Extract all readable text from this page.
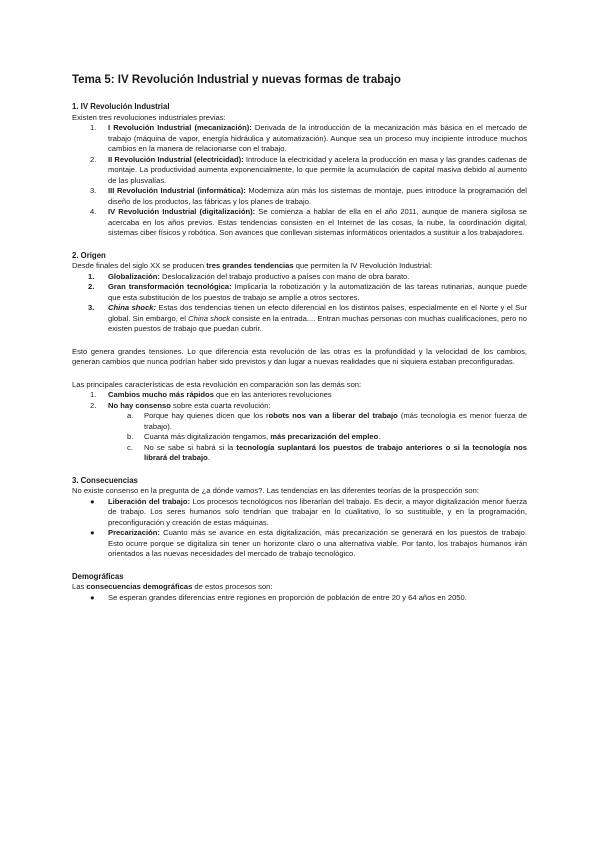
Tema 5: IV Revolución Industrial y nuevas formas de trabajo
1. IV Revolución Industrial
Existen tres revoluciones industriales previas:
1. I Revolución Industrial (mecanización): Derivada de la introducción de la mecanización más básica en el mercado de trabajo (máquina de vapor, energía hidráulica y automatización). Aunque sea un proceso muy incipiente introduce muchos cambios en la manera de relacionarse con el trabajo.
2. II Revolución Industrial (electricidad): Introduce la electricidad y acelera la producción en masa y las grandes cadenas de montaje. La productividad aumenta exponencialmente, lo que permite la acumulación de capital masiva debido al aumento de las plusvalías.
3. III Revolución Industrial (informática): Moderniza aún más los sistemas de montaje, pues introduce la programación del diseño de los productos, las fábricas y los planes de trabajo.
4. IV Revolución Industrial (digitalización): Se comienza a hablar de ella en el año 2011, aunque de manera sigilosa se acercaba en los años previos. Estas tendencias consisten en el Internet de las cosas, la nube, la coordinación digital, sistemas ciber físicos y robótica. Son avances que conllevan sistemas informáticos orientados a sustituir a los trabajadores.
2. Origen
Desde finales del siglo XX se producen tres grandes tendencias que permiten la IV Revolución Industrial:
1. Globalización: Deslocalización del trabajo productivo a países con mano de obra barato.
2. Gran transformación tecnológica: Implicaría la robotización y la automatización de las tareas rutinarias, aunque puede que esta substitución de los puestos de trabajo se amplíe a otros sectores.
3. China shock: Estas dos tendencias tienen un efecto diferencial en los distintos países, especialmente en el Norte y el Sur global. Sin embargo, el China shock consiste en la entrada.... Entran muchas personas con muchas cualificaciones, pero no existen puestos de trabajo que puedan cubrir.
Esto genera grandes tensiones. Lo que diferencia esta revolución de las otras es la profundidad y la velocidad de los cambios, generan cambios que nunca podrían haber sido previstos y dan lugar a nuevas realidades que ni siquiera estaban preconfiguradas.
Las principales características de esta revolución en comparación son las demás son:
1. Cambios mucho más rápidos que en las anteriores revoluciones
2. No hay consenso sobre esta cuarta revolución:
a. Porque hay quienes dicen que los robots nos van a liberar del trabajo (más tecnología es menor fuerza de trabajo).
b. Cuanta más digitalización tengamos, más precarización del empleo.
c. No se sabe si habrá si la tecnología suplantará los puestos de trabajo anteriores o si la tecnología nos librará del trabajo.
3. Consecuencias
No existe consenso en la pregunta de ¿a dónde vamos?. Las tendencias en las diferentes teorías de la prospección son:
● Liberación del trabajo: Los procesos tecnológicos nos liberarían del trabajo. Es decir, a mayor digitalización menor fuerza de trabajo. Los seres humanos solo tendrían que trabajar en lo cualitativo, lo so sustituible, y en la programación, preconfiguración y creación de estas máquinas.
● Precarización: Cuanto más se avance en esta digitalización, más precarización se generará en los puestos de trabajo. Esto ocurre porque se digitaliza sin tener un horizonte claro o una alternativa viable. Por tanto, los trabajos humanos irán orientados a las nuevas necesidades del mercado de trabajo tecnológico.
Demográficas
Las consecuencias demográficas de estos procesos son:
● Se esperan grandes diferencias entre regiones en proporción de población de entre 20 y 64 años en 2050.
